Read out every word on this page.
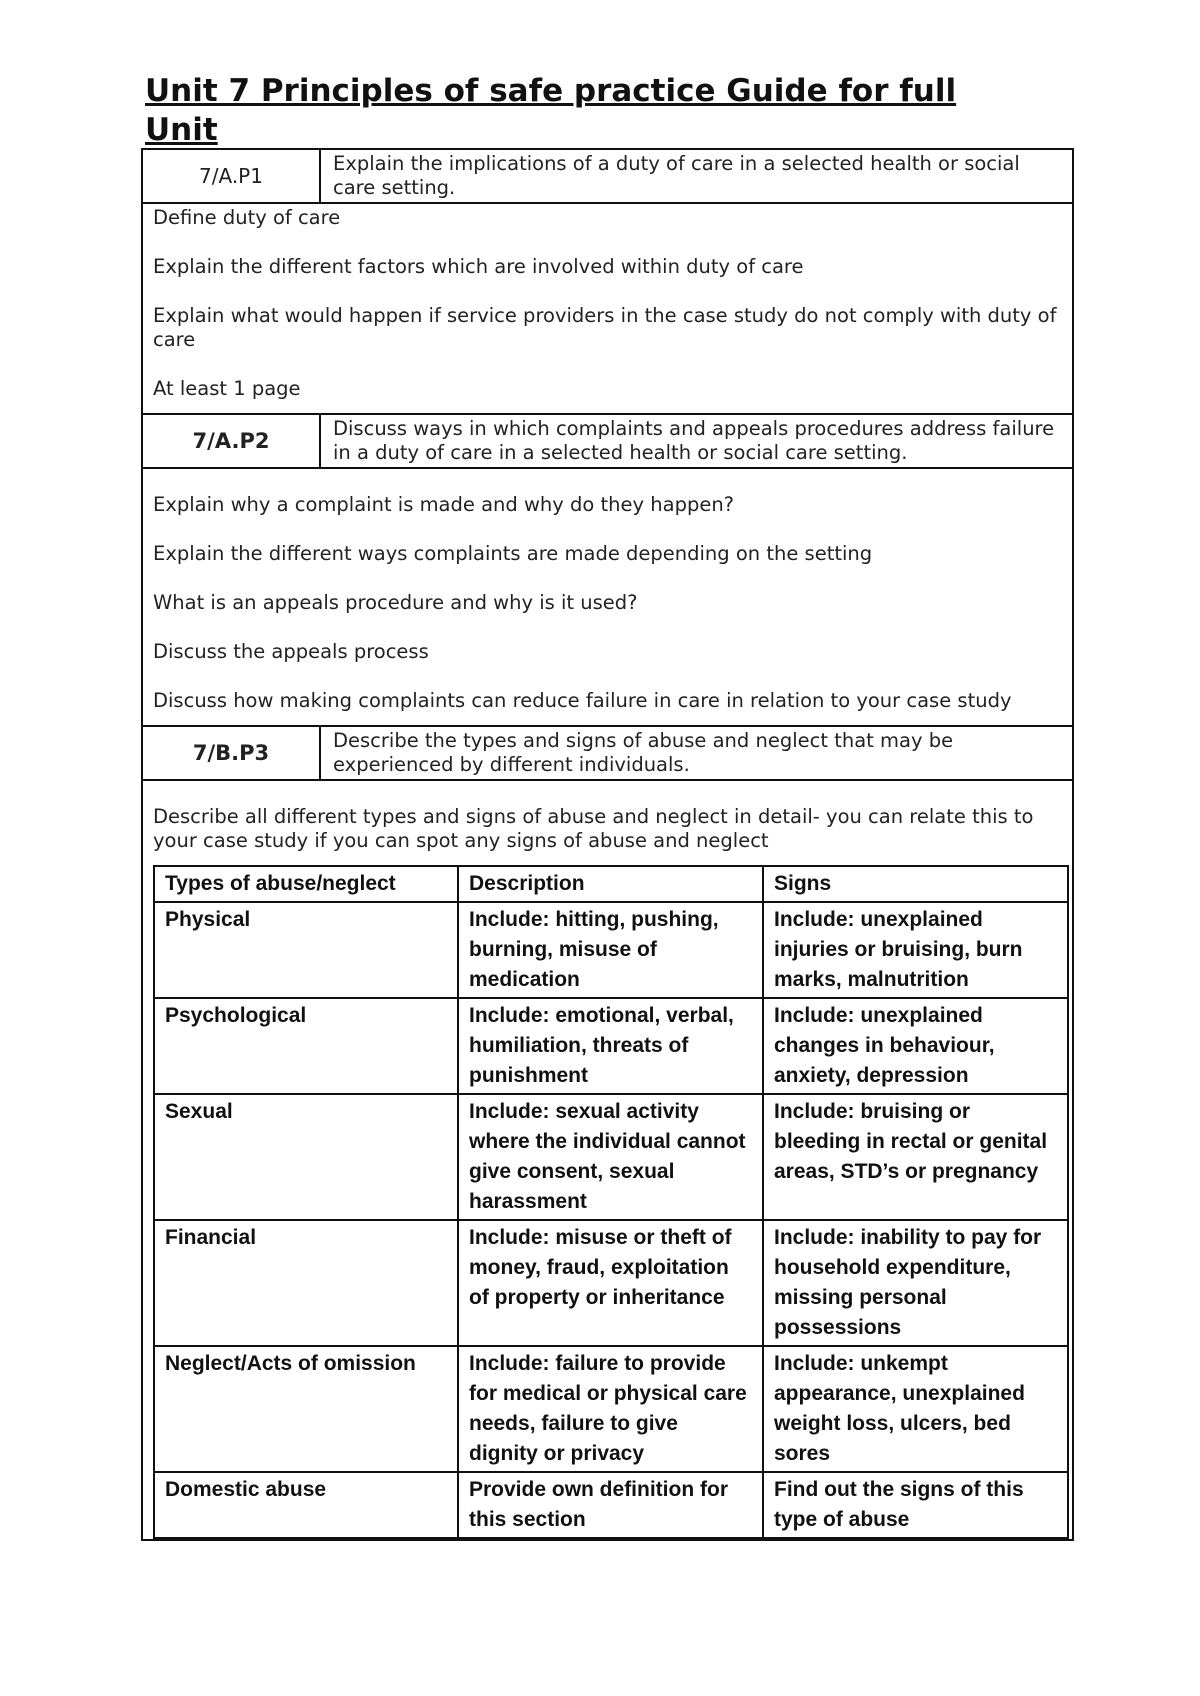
Unit 7 Principles of safe practice Guide for full Unit
7/A.P1
Explain the implications of a duty of care in a selected health or social care setting.

Define duty of care

Explain the different factors which are involved within duty of care

Explain what would happen if service providers in the case study do not comply with duty of care

At least 1 page

7/A.P2
Discuss ways in which complaints and appeals procedures address failure in a duty of care in a selected health or social care setting.

Explain why a complaint is made and why do they happen?

Explain the different ways complaints are made depending on the setting

What is an appeals procedure and why is it used?

Discuss the appeals process

Discuss how making complaints can reduce failure in care in relation to your case study

7/B.P3
Describe the types and signs of abuse and neglect that may be experienced by different individuals.

Describe all different types and signs of abuse and neglect in detail- you can relate this to your case study if you can spot any signs of abuse and neglect

Types of abuse/neglect	Description	Signs
Physical	Include: hitting, pushing, burning, misuse of medication	Include: unexplained injuries or bruising, burn marks, malnutrition
Psychological	Include: emotional, verbal, humiliation, threats of punishment	Include: unexplained changes in behaviour, anxiety, depression
Sexual	Include: sexual activity where the individual cannot give consent, sexual harassment	Include: bruising or bleeding in rectal or genital areas, STD’s or pregnancy
Financial	Include: misuse or theft of money, fraud, exploitation of property or inheritance	Include: inability to pay for household expenditure, missing personal possessions
Neglect/Acts of omission	Include: failure to provide for medical or physical care needs, failure to give dignity or privacy	Include: unkempt appearance, unexplained weight loss, ulcers, bed sores
Domestic abuse	Provide own definition for this section	Find out the signs of this type of abuse
